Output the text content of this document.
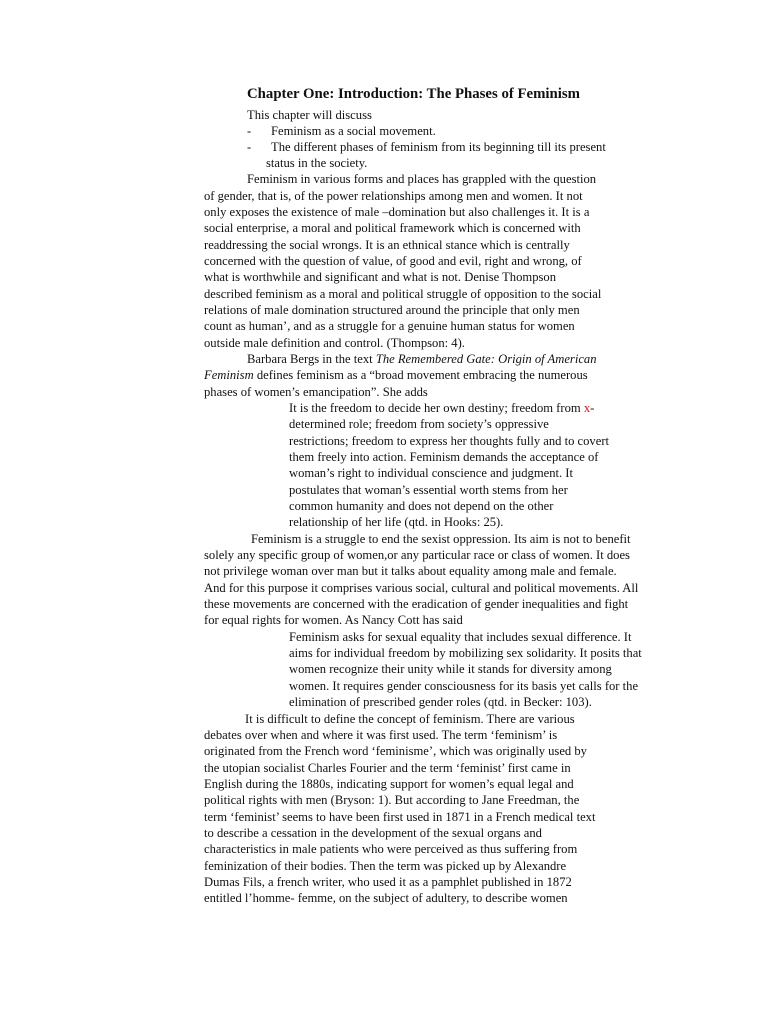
Chapter One: Introduction: The Phases of Feminism
This chapter will discuss
- Feminism as a social movement.
- The different phases of feminism from its beginning till its present
status in the society.
Feminism in various forms and places has grappled with the question
of gender, that is, of the power relationships among men and women. It not
only exposes the existence of male –domination but also challenges it. It is a
social enterprise, a moral and political framework which is concerned with
readdressing the social wrongs. It is an ethnical stance which is centrally
concerned with the question of value, of good and evil, right and wrong, of
what is worthwhile and significant and what is not. Denise Thompson
described feminism as a moral and political struggle of opposition to the social
relations of male domination structured around the principle that only men
count as human’, and as a struggle for a genuine human status for women
outside male definition and control. (Thompson: 4).
Barbara Bergs in the text The Remembered Gate: Origin of American
Feminism defines feminism as a “broad movement embracing the numerous
phases of women’s emancipation”. She adds
It is the freedom to decide her own destiny; freedom from x-
determined role; freedom from society’s oppressive
restrictions; freedom to express her thoughts fully and to covert
them freely into action. Feminism demands the acceptance of
woman’s right to individual conscience and judgment. It
postulates that woman’s essential worth stems from her
common humanity and does not depend on the other
relationship of her life (qtd. in Hooks: 25).
Feminism is a struggle to end the sexist oppression. Its aim is not to benefit
solely any specific group of women,or any particular race or class of women. It does
not privilege woman over man but it talks about equality among male and female.
And for this purpose it comprises various social, cultural and political movements. All
these movements are concerned with the eradication of gender inequalities and fight
for equal rights for women. As Nancy Cott has said
Feminism asks for sexual equality that includes sexual difference. It
aims for individual freedom by mobilizing sex solidarity. It posits that
women recognize their unity while it stands for diversity among
women. It requires gender consciousness for its basis yet calls for the
elimination of prescribed gender roles (qtd. in Becker: 103).
It is difficult to define the concept of feminism. There are various
debates over when and where it was first used. The term ‘feminism’ is
originated from the French word ‘feminisme’, which was originally used by
the utopian socialist Charles Fourier and the term ‘feminist’ first came in
English during the 1880s, indicating support for women’s equal legal and
political rights with men (Bryson: 1). But according to Jane Freedman, the
term ‘feminist’ seems to have been first used in 1871 in a French medical text
to describe a cessation in the development of the sexual organs and
characteristics in male patients who were perceived as thus suffering from
feminization of their bodies. Then the term was picked up by Alexandre
Dumas Fils, a french writer, who used it as a pamphlet published in 1872
entitled l’homme- femme, on the subject of adultery, to describe women
